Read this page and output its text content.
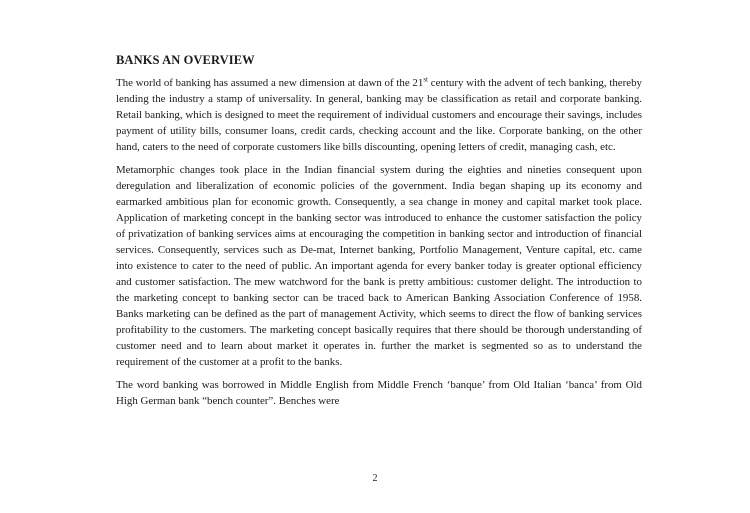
BANKS AN OVERVIEW

The world of banking has assumed a new dimension at dawn of the 21st century with the advent of tech banking, thereby lending the industry a stamp of universality. In general, banking may be classification as retail and corporate banking. Retail banking, which is designed to meet the requirement of individual customers and encourage their savings, includes payment of utility bills, consumer loans, credit cards, checking account and the like. Corporate banking, on the other hand, caters to the need of corporate customers like bills discounting, opening letters of credit, managing cash, etc.

Metamorphic changes took place in the Indian financial system during the eighties and nineties consequent upon deregulation and liberalization of economic policies of the government. India began shaping up its economy and earmarked ambitious plan for economic growth. Consequently, a sea change in money and capital market took place. Application of marketing concept in the banking sector was introduced to enhance the customer satisfaction the policy of privatization of banking services aims at encouraging the competition in banking sector and introduction of financial services. Consequently, services such as De-mat, Internet banking, Portfolio Management, Venture capital, etc. came into existence to cater to the need of public. An important agenda for every banker today is greater optional efficiency and customer satisfaction. The mew watchword for the bank is pretty ambitious: customer delight. The introduction to the marketing concept to banking sector can be traced back to American Banking Association Conference of 1958. Banks marketing can be defined as the part of management Activity, which seems to direct the flow of banking services profitability to the customers. The marketing concept basically requires that there should be thorough understanding of customer need and to learn about market it operates in. further the market is segmented so as to understand the requirement of the customer at a profit to the banks.

The word banking was borrowed in Middle English from Middle French ‘banque’ from Old Italian ‘banca’ from Old High German bank “bench counter”. Benches were

2
